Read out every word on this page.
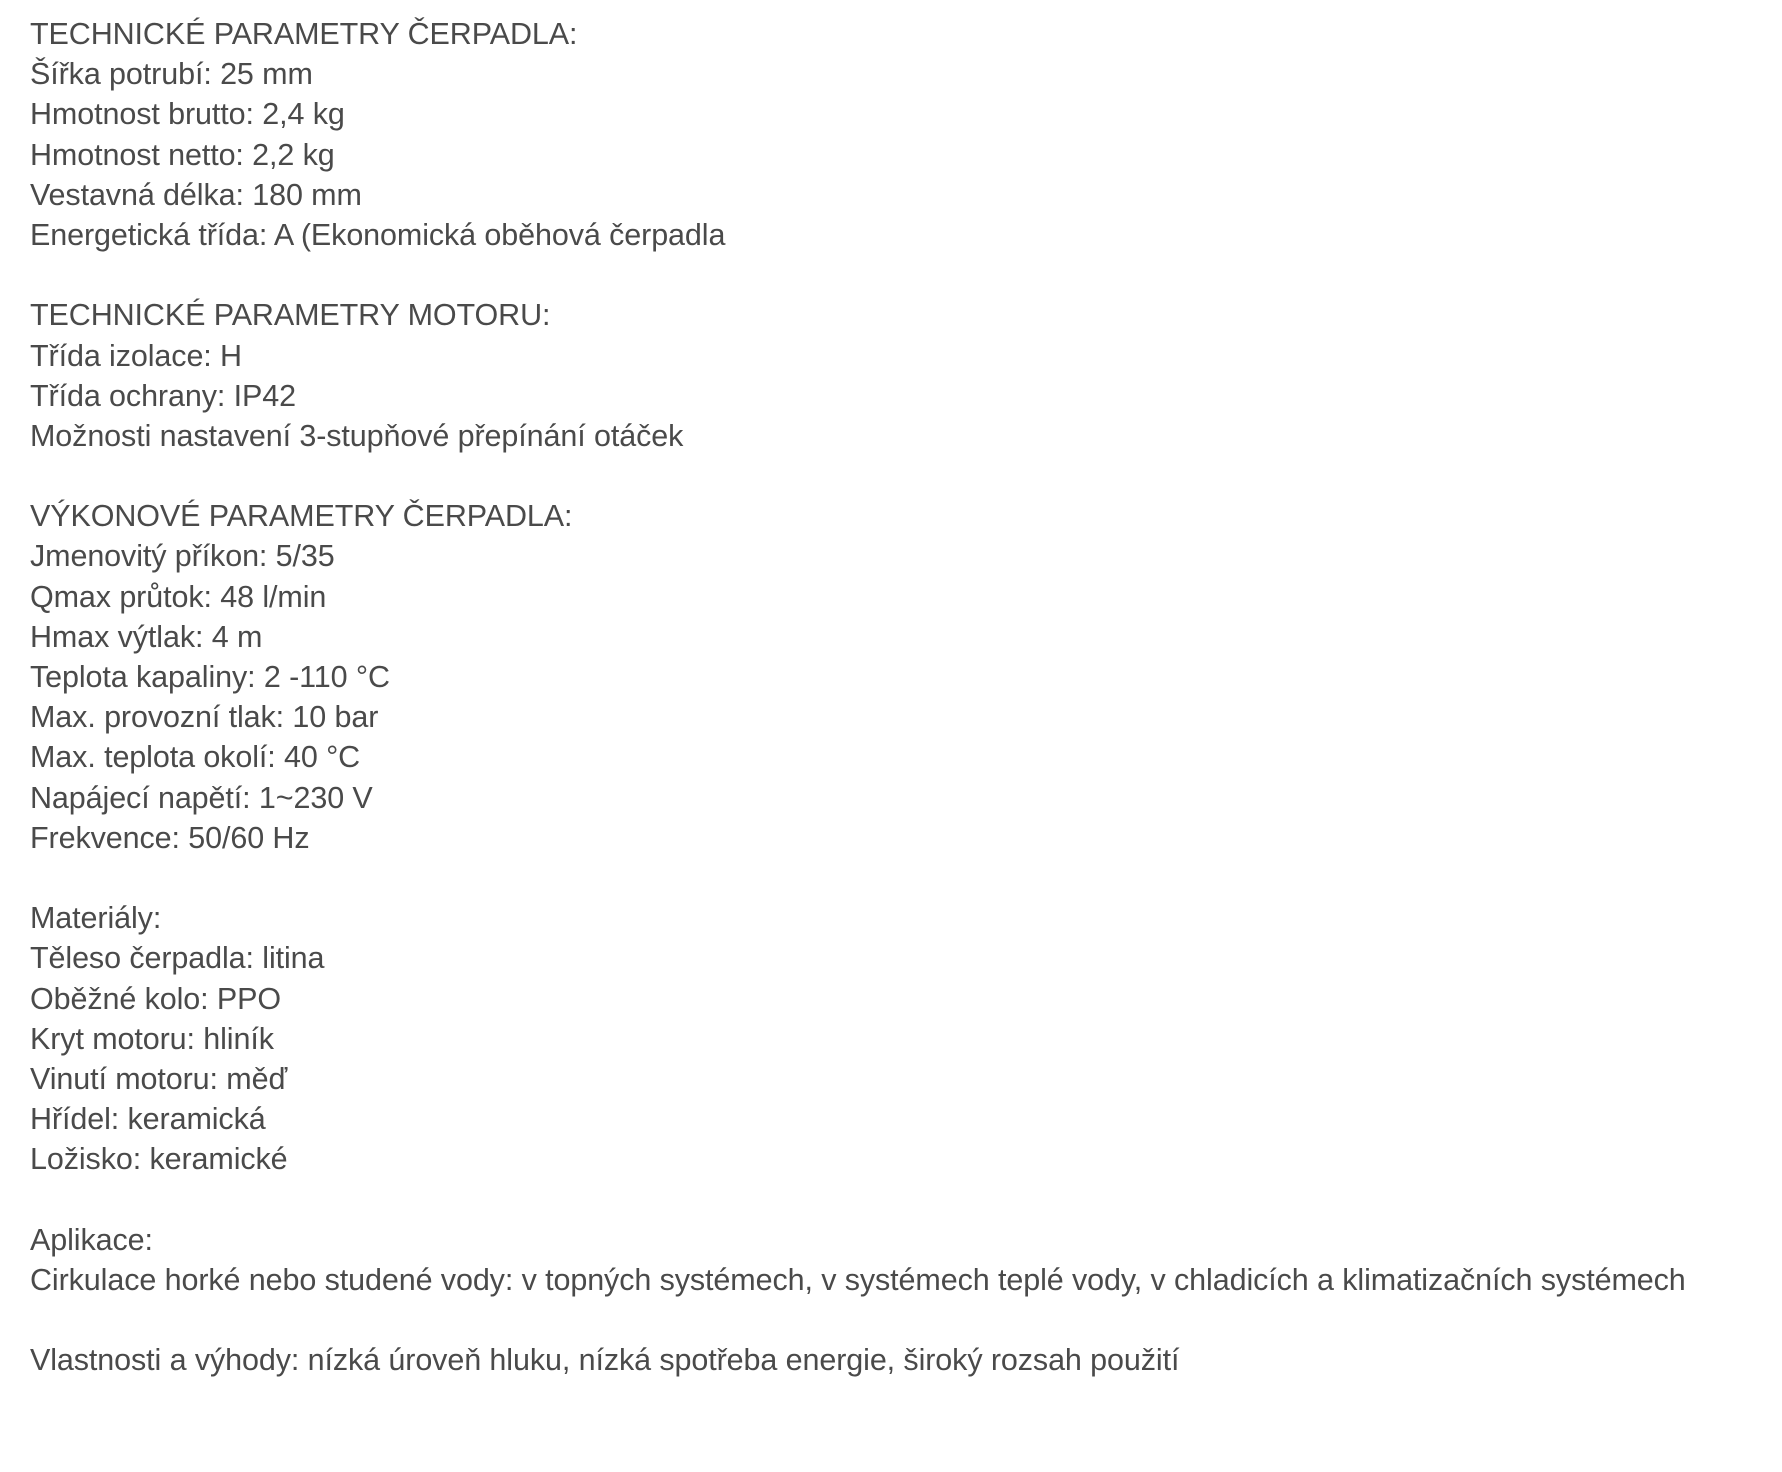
TECHNICKÉ PARAMETRY ČERPADLA:
Šířka potrubí: 25 mm
Hmotnost brutto: 2,4 kg
Hmotnost netto: 2,2 kg
Vestavná délka: 180 mm
Energetická třída: A (Ekonomická oběhová čerpadla
TECHNICKÉ PARAMETRY MOTORU:
Třída izolace: H
Třída ochrany: IP42
Možnosti nastavení 3-stupňové přepínání otáček
VÝKONOVÉ PARAMETRY ČERPADLA:
Jmenovitý příkon: 5/35
Qmax průtok: 48 l/min
Hmax výtlak: 4 m
Teplota kapaliny: 2 -110 °C
Max. provozní tlak: 10 bar
Max. teplota okolí: 40 °C
Napájecí napětí: 1~230 V
Frekvence: 50/60 Hz
Materiály:
Těleso čerpadla: litina
Oběžné kolo: PPO
Kryt motoru: hliník
Vinutí motoru: měď
Hřídel: keramická
Ložisko: keramické
Aplikace:
Cirkulace horké nebo studené vody: v topných systémech, v systémech teplé vody, v chladicích a klimatizačních systémech
Vlastnosti a výhody: nízká úroveň hluku, nízká spotřeba energie, široký rozsah použití
